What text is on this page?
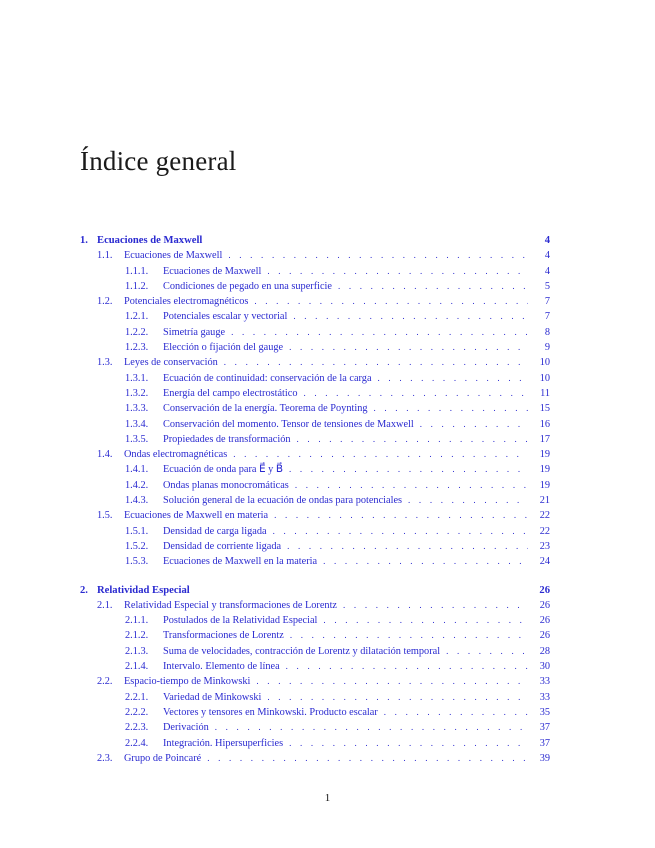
Índice general
1. Ecuaciones de Maxwell	4
1.1.	Ecuaciones de Maxwell . . .	4
1.1.1.	Ecuaciones de Maxwell . . .	4
1.1.2.	Condiciones de pegado en una superficie . . .	5
1.2.	Potenciales electromagnéticos . . .	7
1.2.1.	Potenciales escalar y vectorial . . .	7
1.2.2.	Simetría gauge . . .	8
1.2.3.	Elección o fijación del gauge . . .	9
1.3.	Leyes de conservación . . .	10
1.3.1.	Ecuación de continuidad: conservación de la carga . . .	10
1.3.2.	Energía del campo electrostático . . .	11
1.3.3.	Conservación de la energía. Teorema de Poynting . . .	15
1.3.4.	Conservación del momento. Tensor de tensiones de Maxwell . . .	16
1.3.5.	Propiedades de transformación . . .	17
1.4.	Ondas electromagnéticas . . .	19
1.4.1.	Ecuación de onda para E⃗ y B⃗ . . .	19
1.4.2.	Ondas planas monocromáticas . . .	19
1.4.3.	Solución general de la ecuación de ondas para potenciales . . .	21
1.5.	Ecuaciones de Maxwell en materia . . .	22
1.5.1.	Densidad de carga ligada . . .	22
1.5.2.	Densidad de corriente ligada . . .	23
1.5.3.	Ecuaciones de Maxwell en la materia . . .	24
2. Relatividad Especial	26
2.1.	Relatividad Especial y transformaciones de Lorentz . . .	26
2.1.1.	Postulados de la Relatividad Especial . . .	26
2.1.2.	Transformaciones de Lorentz . . .	26
2.1.3.	Suma de velocidades, contracción de Lorentz y dilatación temporal . . .	28
2.1.4.	Intervalo. Elemento de línea . . .	30
2.2.	Espacio-tiempo de Minkowski . . .	33
2.2.1.	Variedad de Minkowski . . .	33
2.2.2.	Vectores y tensores en Minkowski. Producto escalar . . .	35
2.2.3.	Derivación . . .	37
2.2.4.	Integración. Hipersuperficies . . .	37
2.3.	Grupo de Poincaré . . .	39
1
